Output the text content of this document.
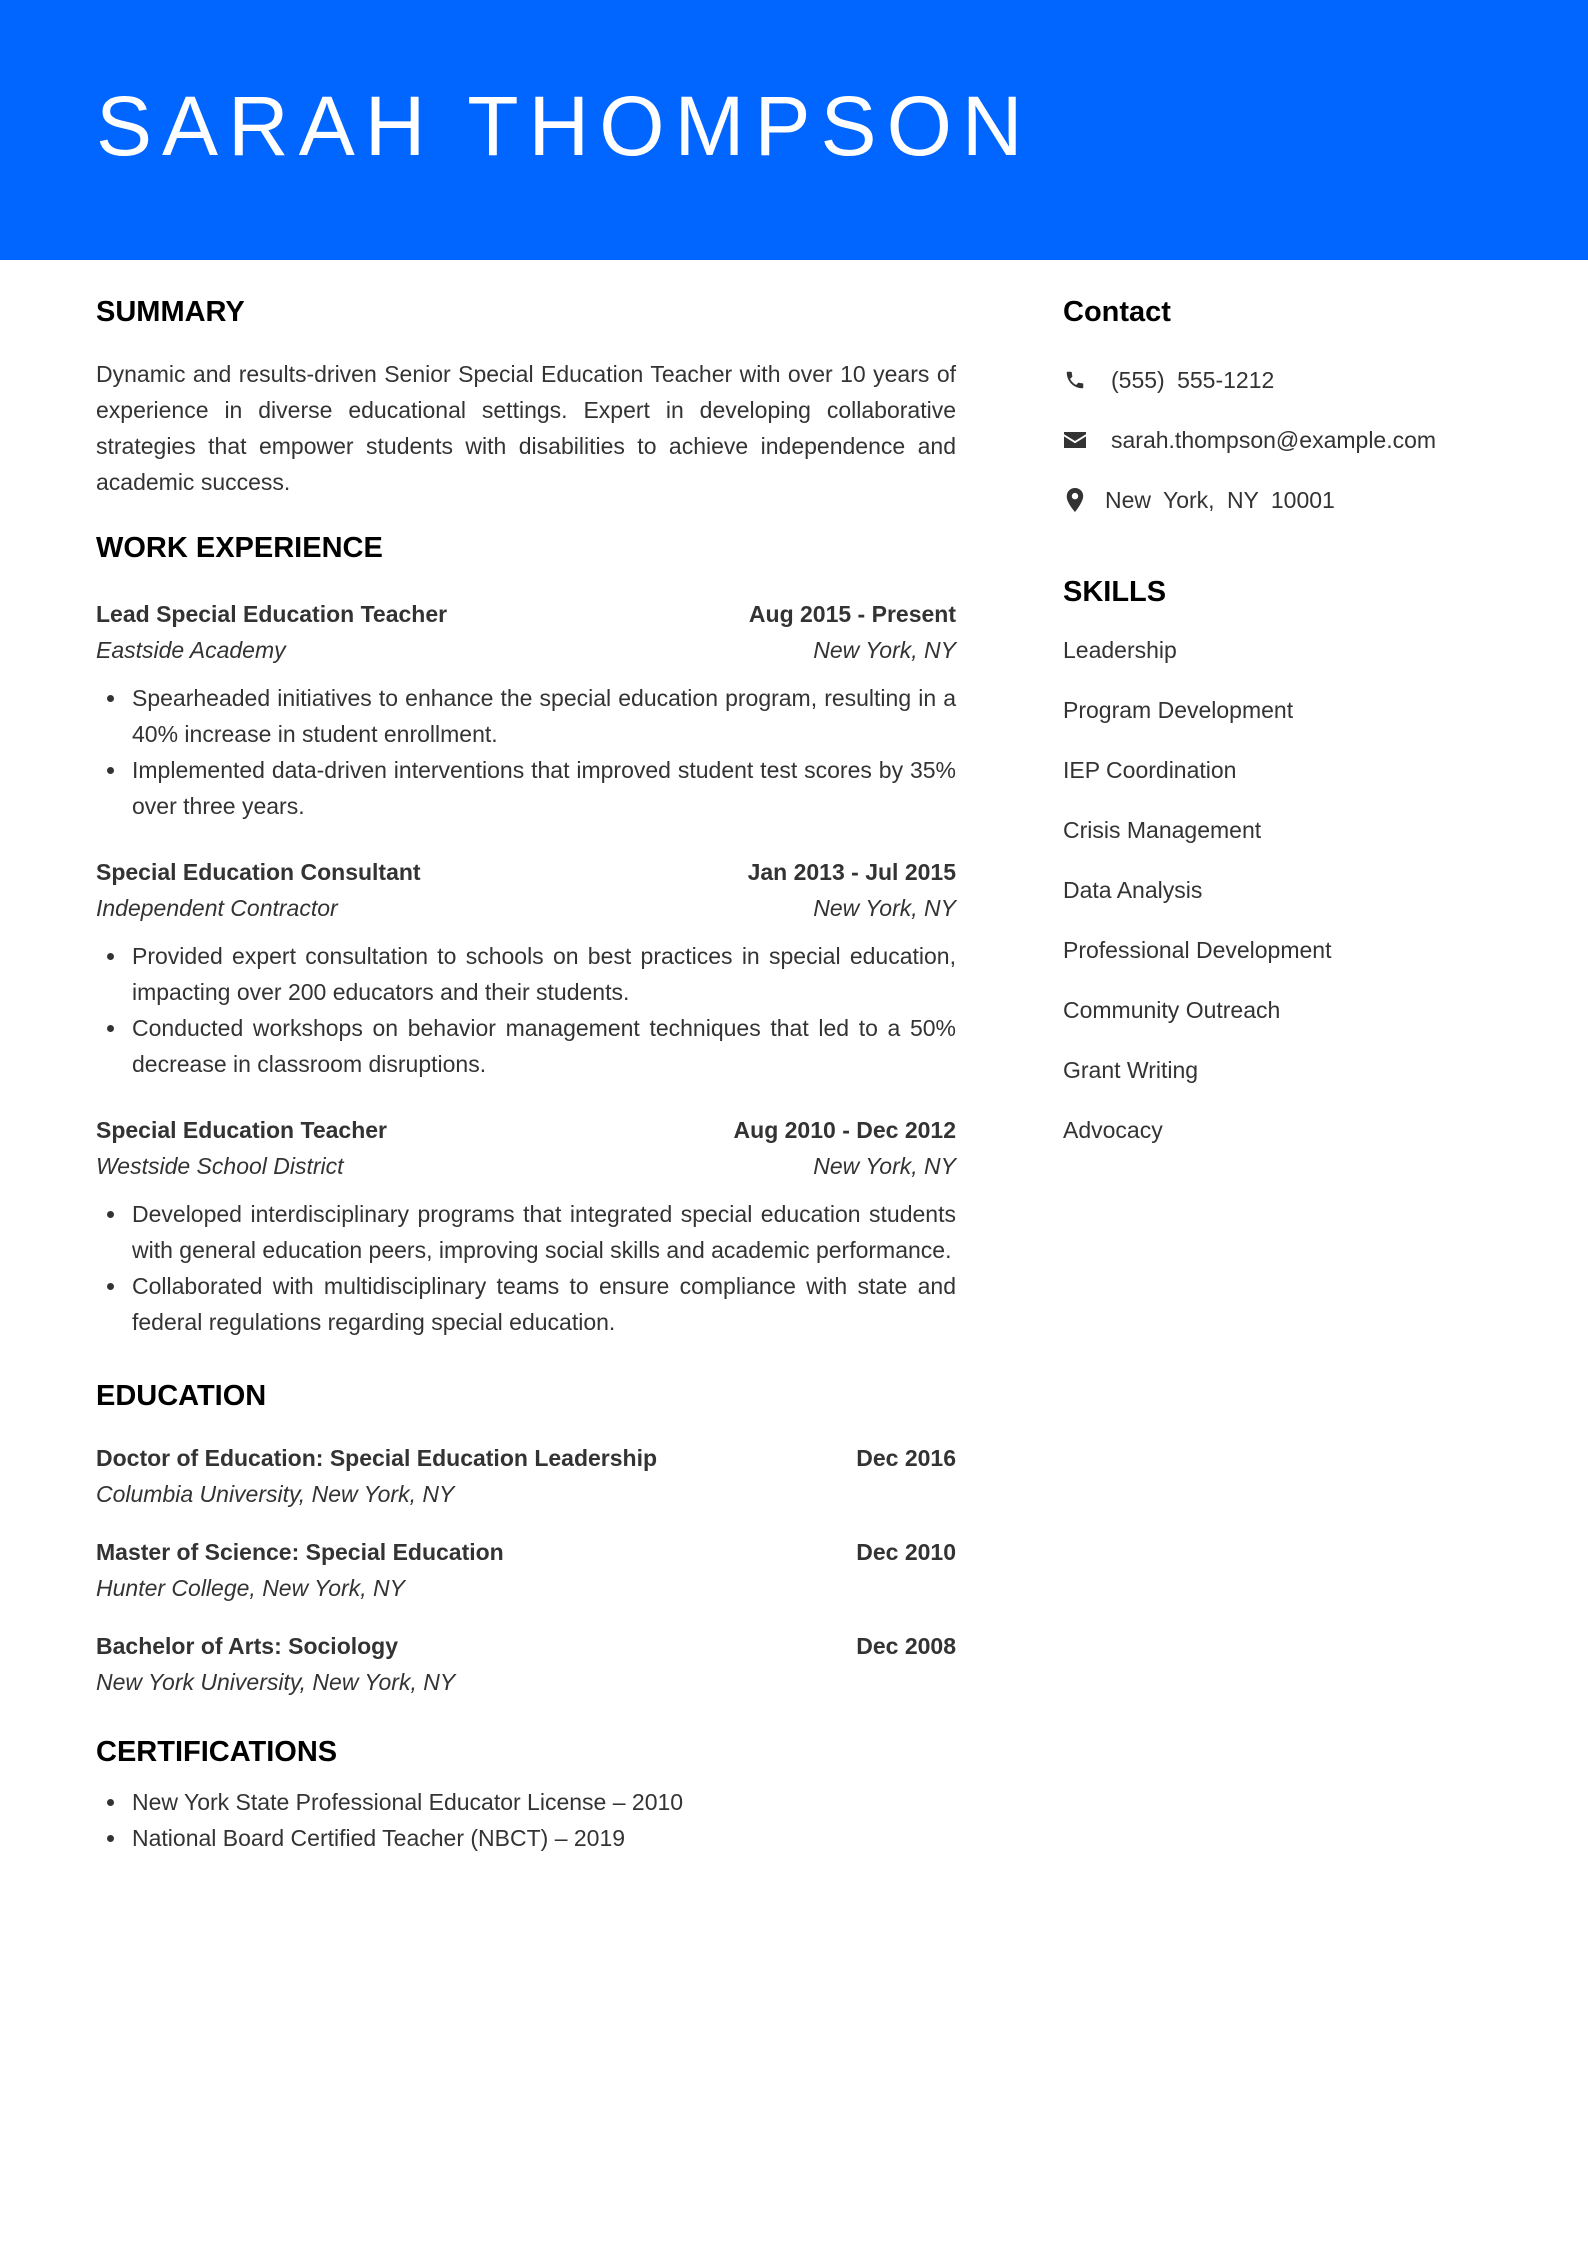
SARAH THOMPSON
SUMMARY

Dynamic and results-driven Senior Special Education Teacher with over 10 years of experience in diverse educational settings. Expert in developing collaborative strategies that empower students with disabilities to achieve independence and academic success.

WORK EXPERIENCE
Lead Special Education Teacher	Aug 2015 - Present
Eastside Academy	New York, NY
Spearheaded initiatives to enhance the special education program, resulting in a 40% increase in student enrollment.
Implemented data-driven interventions that improved student test scores by 35% over three years.
Special Education Consultant	Jan 2013 - Jul 2015
Independent Contractor	New York, NY
Provided expert consultation to schools on best practices in special education, impacting over 200 educators and their students.
Conducted workshops on behavior management techniques that led to a 50% decrease in classroom disruptions.
Special Education Teacher	Aug 2010 - Dec 2012
Westside School District	New York, NY
Developed interdisciplinary programs that integrated special education students with general education peers, improving social skills and academic performance.
Collaborated with multidisciplinary teams to ensure compliance with state and federal regulations regarding special education.
EDUCATION
Doctor of Education: Special Education Leadership	Dec 2016
Columbia University, New York, NY
Master of Science: Special Education	Dec 2010
Hunter College, New York, NY
Bachelor of Arts: Sociology	Dec 2008
New York University, New York, NY
CERTIFICATIONS
New York State Professional Educator License – 2010
National Board Certified Teacher (NBCT) – 2019
Contact
(555) 555-1212
sarah.thompson@example.com
New York, NY 10001
SKILLS
Leadership
Program Development
IEP Coordination
Crisis Management
Data Analysis
Professional Development
Community Outreach
Grant Writing
Advocacy
